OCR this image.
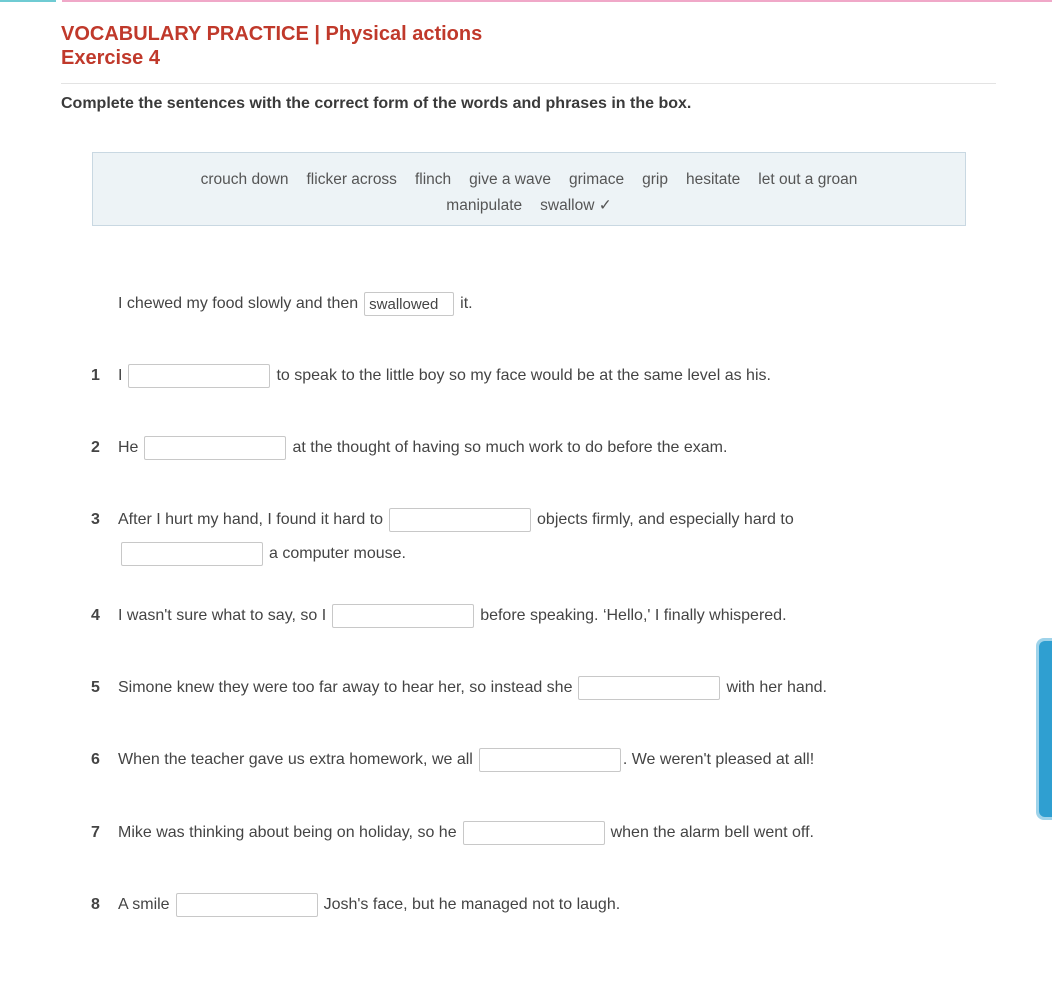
VOCABULARY PRACTICE | Physical actions
Exercise 4
Complete the sentences with the correct form of the words and phrases in the box.
crouch down flicker across flinch give a wave grimace grip hesitate let out a groan
manipulate swallow ✓
I chewed my food slowly and then
swallowed	it.
1 I	to speak to the little boy so my face would be at the same level as his.
2 He	at the thought of having so much work to do before the exam.
3 After I hurt my hand, I found it hard to	objects firmly, and especially hard to
a computer mouse.
4 I wasn't sure what to say, so I	before speaking. ‘Hello,' I finally whispered.
5 Simone knew they were too far away to hear her, so instead she	with her hand.
6 When the teacher gave us extra homework, we all	. We weren't pleased at all!
7 Mike was thinking about being on holiday, so he	when the alarm bell went off.
8 A smile	Josh's face, but he managed not to laugh.
